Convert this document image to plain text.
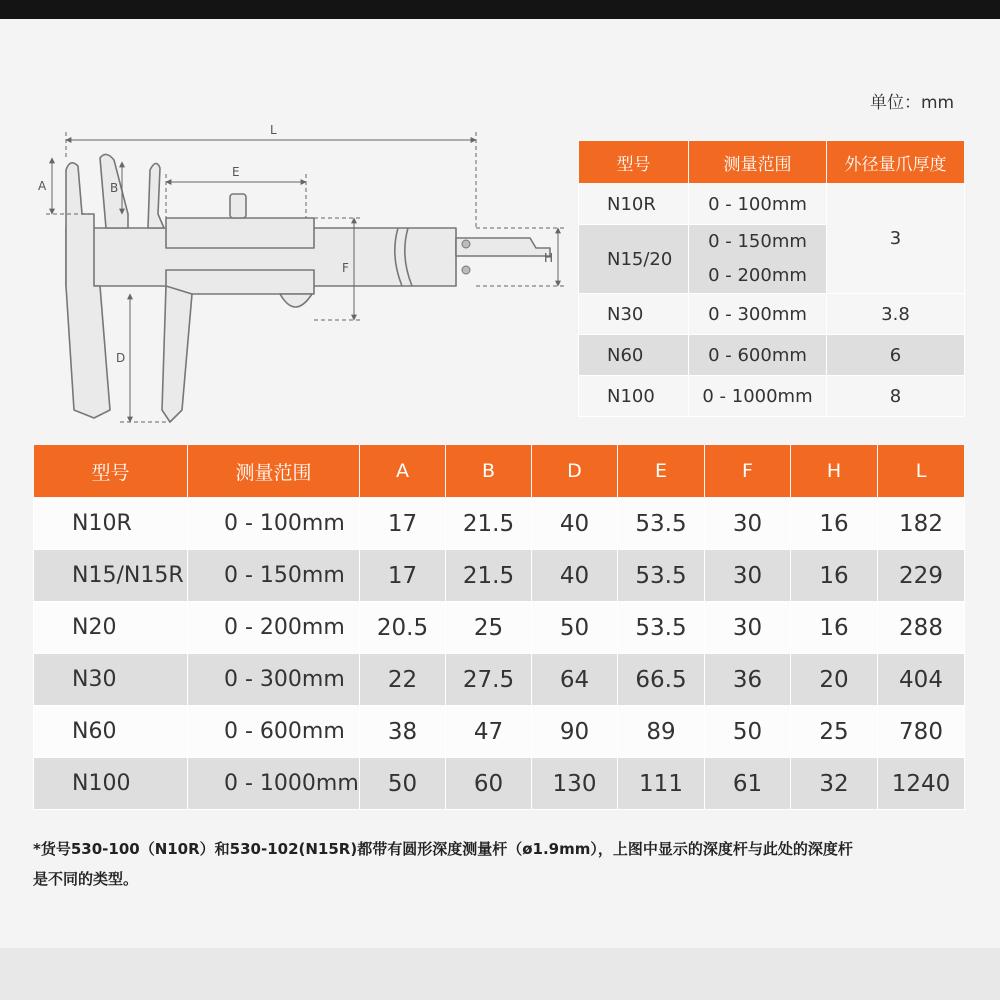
单位：mm
L
E
A	B
D
F
H
型号	测量范围	外径量爪厚度
N10R	0 - 100mm	3
N15/20	0 - 150mm
0 - 200mm	

N30	0 - 300mm	3.8
N60	0 - 600mm	6
N100	0 - 1000mm	8
型号	测量范围	A	B	D	E	F	H	L
N10R	0 - 100mm	17	21.5	40	53.5	30	16	182
N15/N15R	0 - 150mm	17	21.5	40	53.5	30	16	229
N20	0 - 200mm	20.5	25	50	53.5	30	16	288
N30	0 - 300mm	22	27.5	64	66.5	36	20	404
N60	0 - 600mm	38	47	90	89	50	25	780
N100	0 - 1000mm	50	60	130	111	61	32	1240
*货号530-100（N10R）和530-102(N15R)都带有圆形深度测量杆（ø1.9mm），上图中显示的深度杆与此处的深度杆
是不同的类型。
